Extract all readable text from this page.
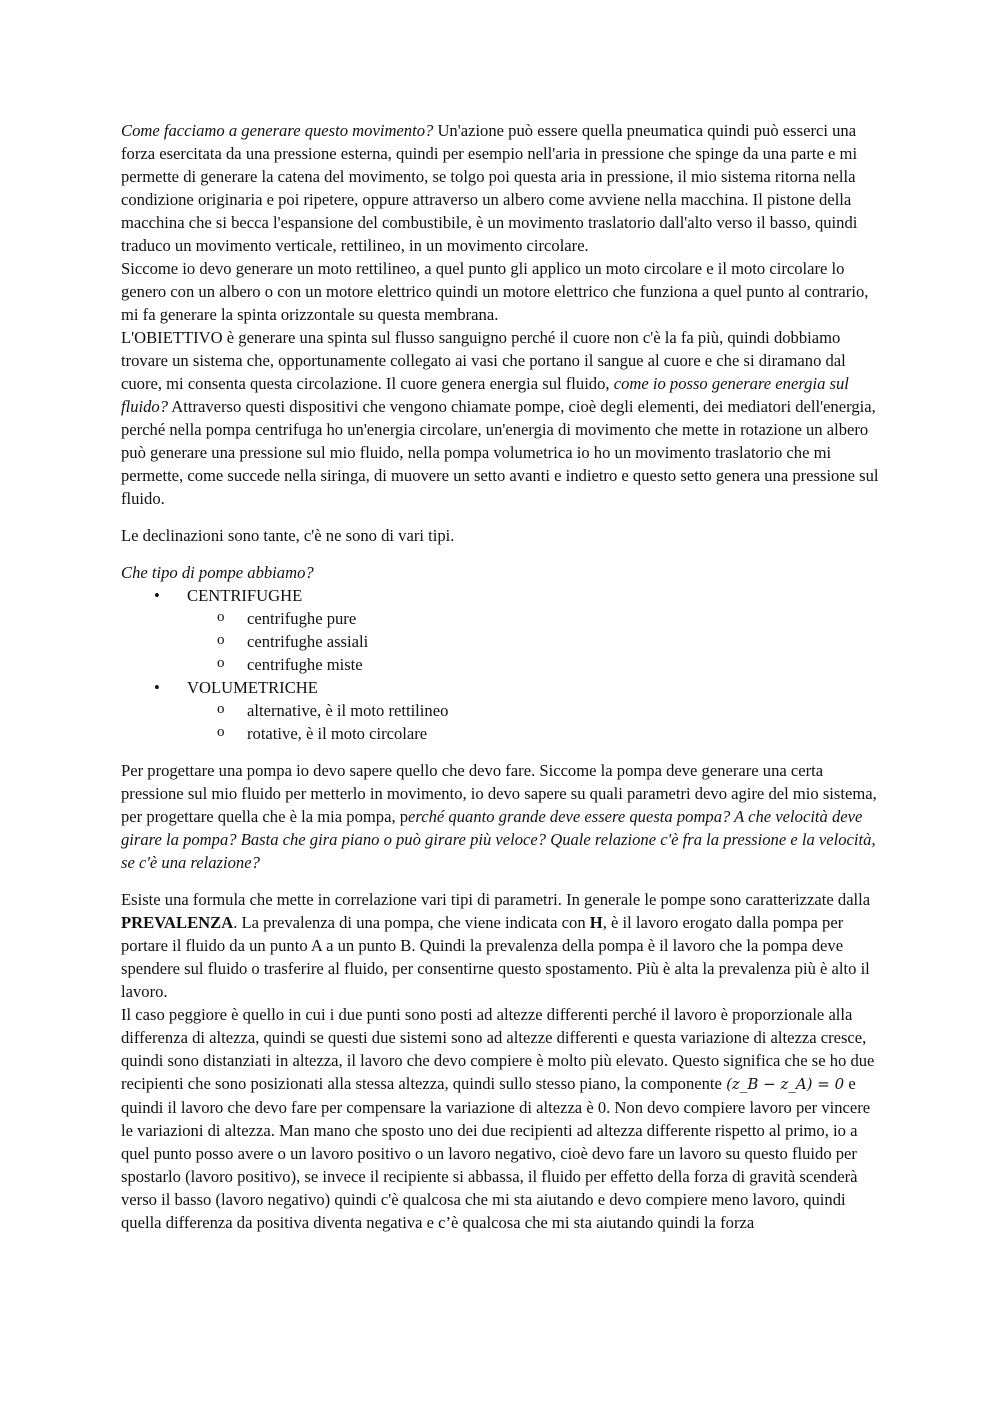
Come facciamo a generare questo movimento? Un'azione può essere quella pneumatica quindi può esserci una forza esercitata da una pressione esterna, quindi per esempio nell'aria in pressione che spinge da una parte e mi permette di generare la catena del movimento, se tolgo poi questa aria in pressione, il mio sistema ritorna nella condizione originaria e poi ripetere, oppure attraverso un albero come avviene nella macchina. Il pistone della macchina che si becca l'espansione del combustibile, è un movimento traslatorio dall'alto verso il basso, quindi traduco un movimento verticale, rettilineo, in un movimento circolare.

Siccome io devo generare un moto rettilineo, a quel punto gli applico un moto circolare e il moto circolare lo genero con un albero o con un motore elettrico quindi un motore elettrico che funziona a quel punto al contrario, mi fa generare la spinta orizzontale su questa membrana.

L'OBIETTIVO è generare una spinta sul flusso sanguigno perché il cuore non c'è la fa più, quindi dobbiamo trovare un sistema che, opportunamente collegato ai vasi che portano il sangue al cuore e che si diramano dal cuore, mi consenta questa circolazione. Il cuore genera energia sul fluido, come io posso generare energia sul fluido? Attraverso questi dispositivi che vengono chiamate pompe, cioè degli elementi, dei mediatori dell'energia, perché nella pompa centrifuga ho un'energia circolare, un'energia di movimento che mette in rotazione un albero può generare una pressione sul mio fluido, nella pompa volumetrica io ho un movimento traslatorio che mi permette, come succede nella siringa, di muovere un setto avanti e indietro e questo setto genera una pressione sul fluido.

Le declinazioni sono tante, c'è ne sono di vari tipi.

Che tipo di pompe abbiamo?

• CENTRIFUGHE
o centrifughe pure
o centrifughe assiali
o centrifughe miste
• VOLUMETRICHE
o alternative, è il moto rettilineo
o rotative, è il moto circolare

Per progettare una pompa io devo sapere quello che devo fare. Siccome la pompa deve generare una certa pressione sul mio fluido per metterlo in movimento, io devo sapere su quali parametri devo agire del mio sistema, per progettare quella che è la mia pompa, perché quanto grande deve essere questa pompa? A che velocità deve girare la pompa? Basta che gira piano o può girare più veloce? Quale relazione c'è fra la pressione e la velocità, se c'è una relazione?

Esiste una formula che mette in correlazione vari tipi di parametri. In generale le pompe sono caratterizzate dalla PREVALENZA. La prevalenza di una pompa, che viene indicata con H, è il lavoro erogato dalla pompa per portare il fluido da un punto A a un punto B. Quindi la prevalenza della pompa è il lavoro che la pompa deve spendere sul fluido o trasferire al fluido, per consentirne questo spostamento. Più è alta la prevalenza più è alto il lavoro.

Il caso peggiore è quello in cui i due punti sono posti ad altezze differenti perché il lavoro è proporzionale alla differenza di altezza, quindi se questi due sistemi sono ad altezze differenti e questa variazione di altezza cresce, quindi sono distanziati in altezza, il lavoro che devo compiere è molto più elevato. Questo significa che se ho due recipienti che sono posizionati alla stessa altezza, quindi sullo stesso piano, la componente (z_B − z_A) = 0 e quindi il lavoro che devo fare per compensare la variazione di altezza è 0. Non devo compiere lavoro per vincere le variazioni di altezza. Man mano che sposto uno dei due recipienti ad altezza differente rispetto al primo, io a quel punto posso avere o un lavoro positivo o un lavoro negativo, cioè devo fare un lavoro su questo fluido per spostarlo (lavoro positivo), se invece il recipiente si abbassa, il fluido per effetto della forza di gravità scenderà verso il basso (lavoro negativo) quindi c'è qualcosa che mi sta aiutando e devo compiere meno lavoro, quindi quella differenza da positiva diventa negativa e c’è qualcosa che mi sta aiutando quindi la forza
